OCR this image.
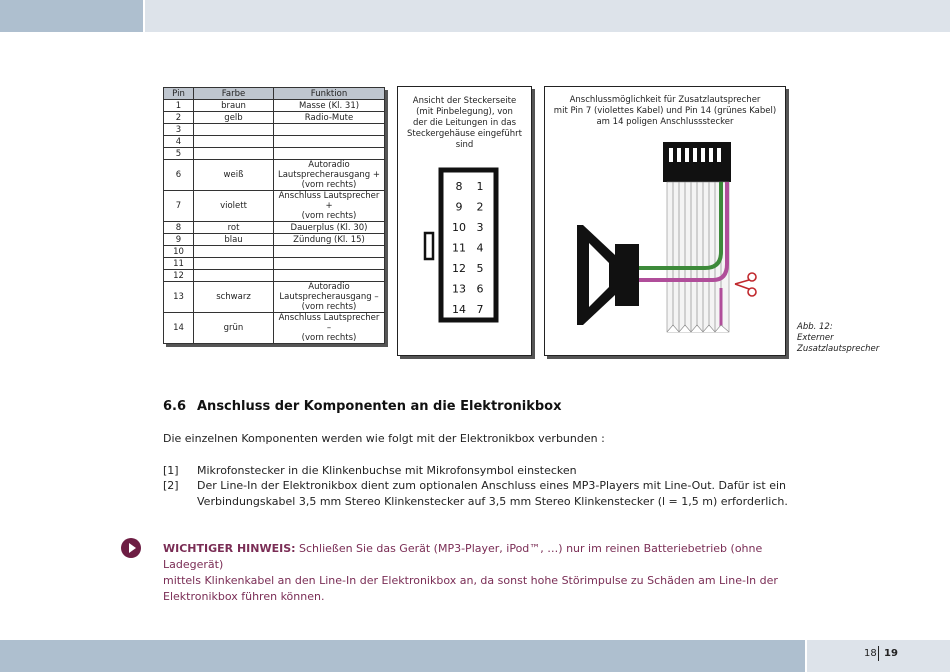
Pin	Farbe	Funktion
1	braun	Masse (Kl. 31)

2	gelb	Radio-Mute

3		

4		

5		

6	weiß	Autoradio
Lautsprecherausgang +
(vorn rechts)

7	violett	Anschluss Lautsprecher +
(vorn rechts)

8	rot	Dauerplus (Kl. 30)

9	blau	Zündung (Kl. 15)

10		

11		

12		

13	schwarz	Autoradio
Lautsprecherausgang –
(vorn rechts)

14	grün	Anschluss Lautsprecher –
(vorn rechts)
Ansicht der Steckerseite
(mit Pinbelegung), von
der die Leitungen in das
Steckergehäuse eingeführt
sind
8 1
9 2
10 3
11 4
12 5
13 6
14 7
Anschlussmöglichkeit für Zusatzlautsprecher
mit Pin 7 (violettes Kabel) und Pin 14 (grünes Kabel)
am 14 poligen Anschlussstecker
Abb. 12:
Externer
Zusatzlautsprecher
6.6 Anschluss der Komponenten an die Elektronikbox
Die einzelnen Komponenten werden wie folgt mit der Elektronikbox verbunden :
[1] Mikrofonstecker in die Klinkenbuchse mit Mikrofonsymbol einstecken
[2] Der Line-In der Elektronikbox dient zum optionalen Anschluss eines MP3-Players mit Line-Out. Dafür ist ein
Verbindungskabel 3,5 mm Stereo Klinkenstecker auf 3,5 mm Stereo Klinkenstecker (l = 1,5 m) erforderlich.
WICHTIGER HINWEIS: Schließen Sie das Gerät (MP3-Player, iPod™, …) nur im reinen Batteriebetrieb (ohne Ladegerät)
mittels Klinkenkabel an den Line-In der Elektronikbox an, da sonst hohe Störimpulse zu Schäden am Line-In der
Elektronikbox führen können.
18 19
